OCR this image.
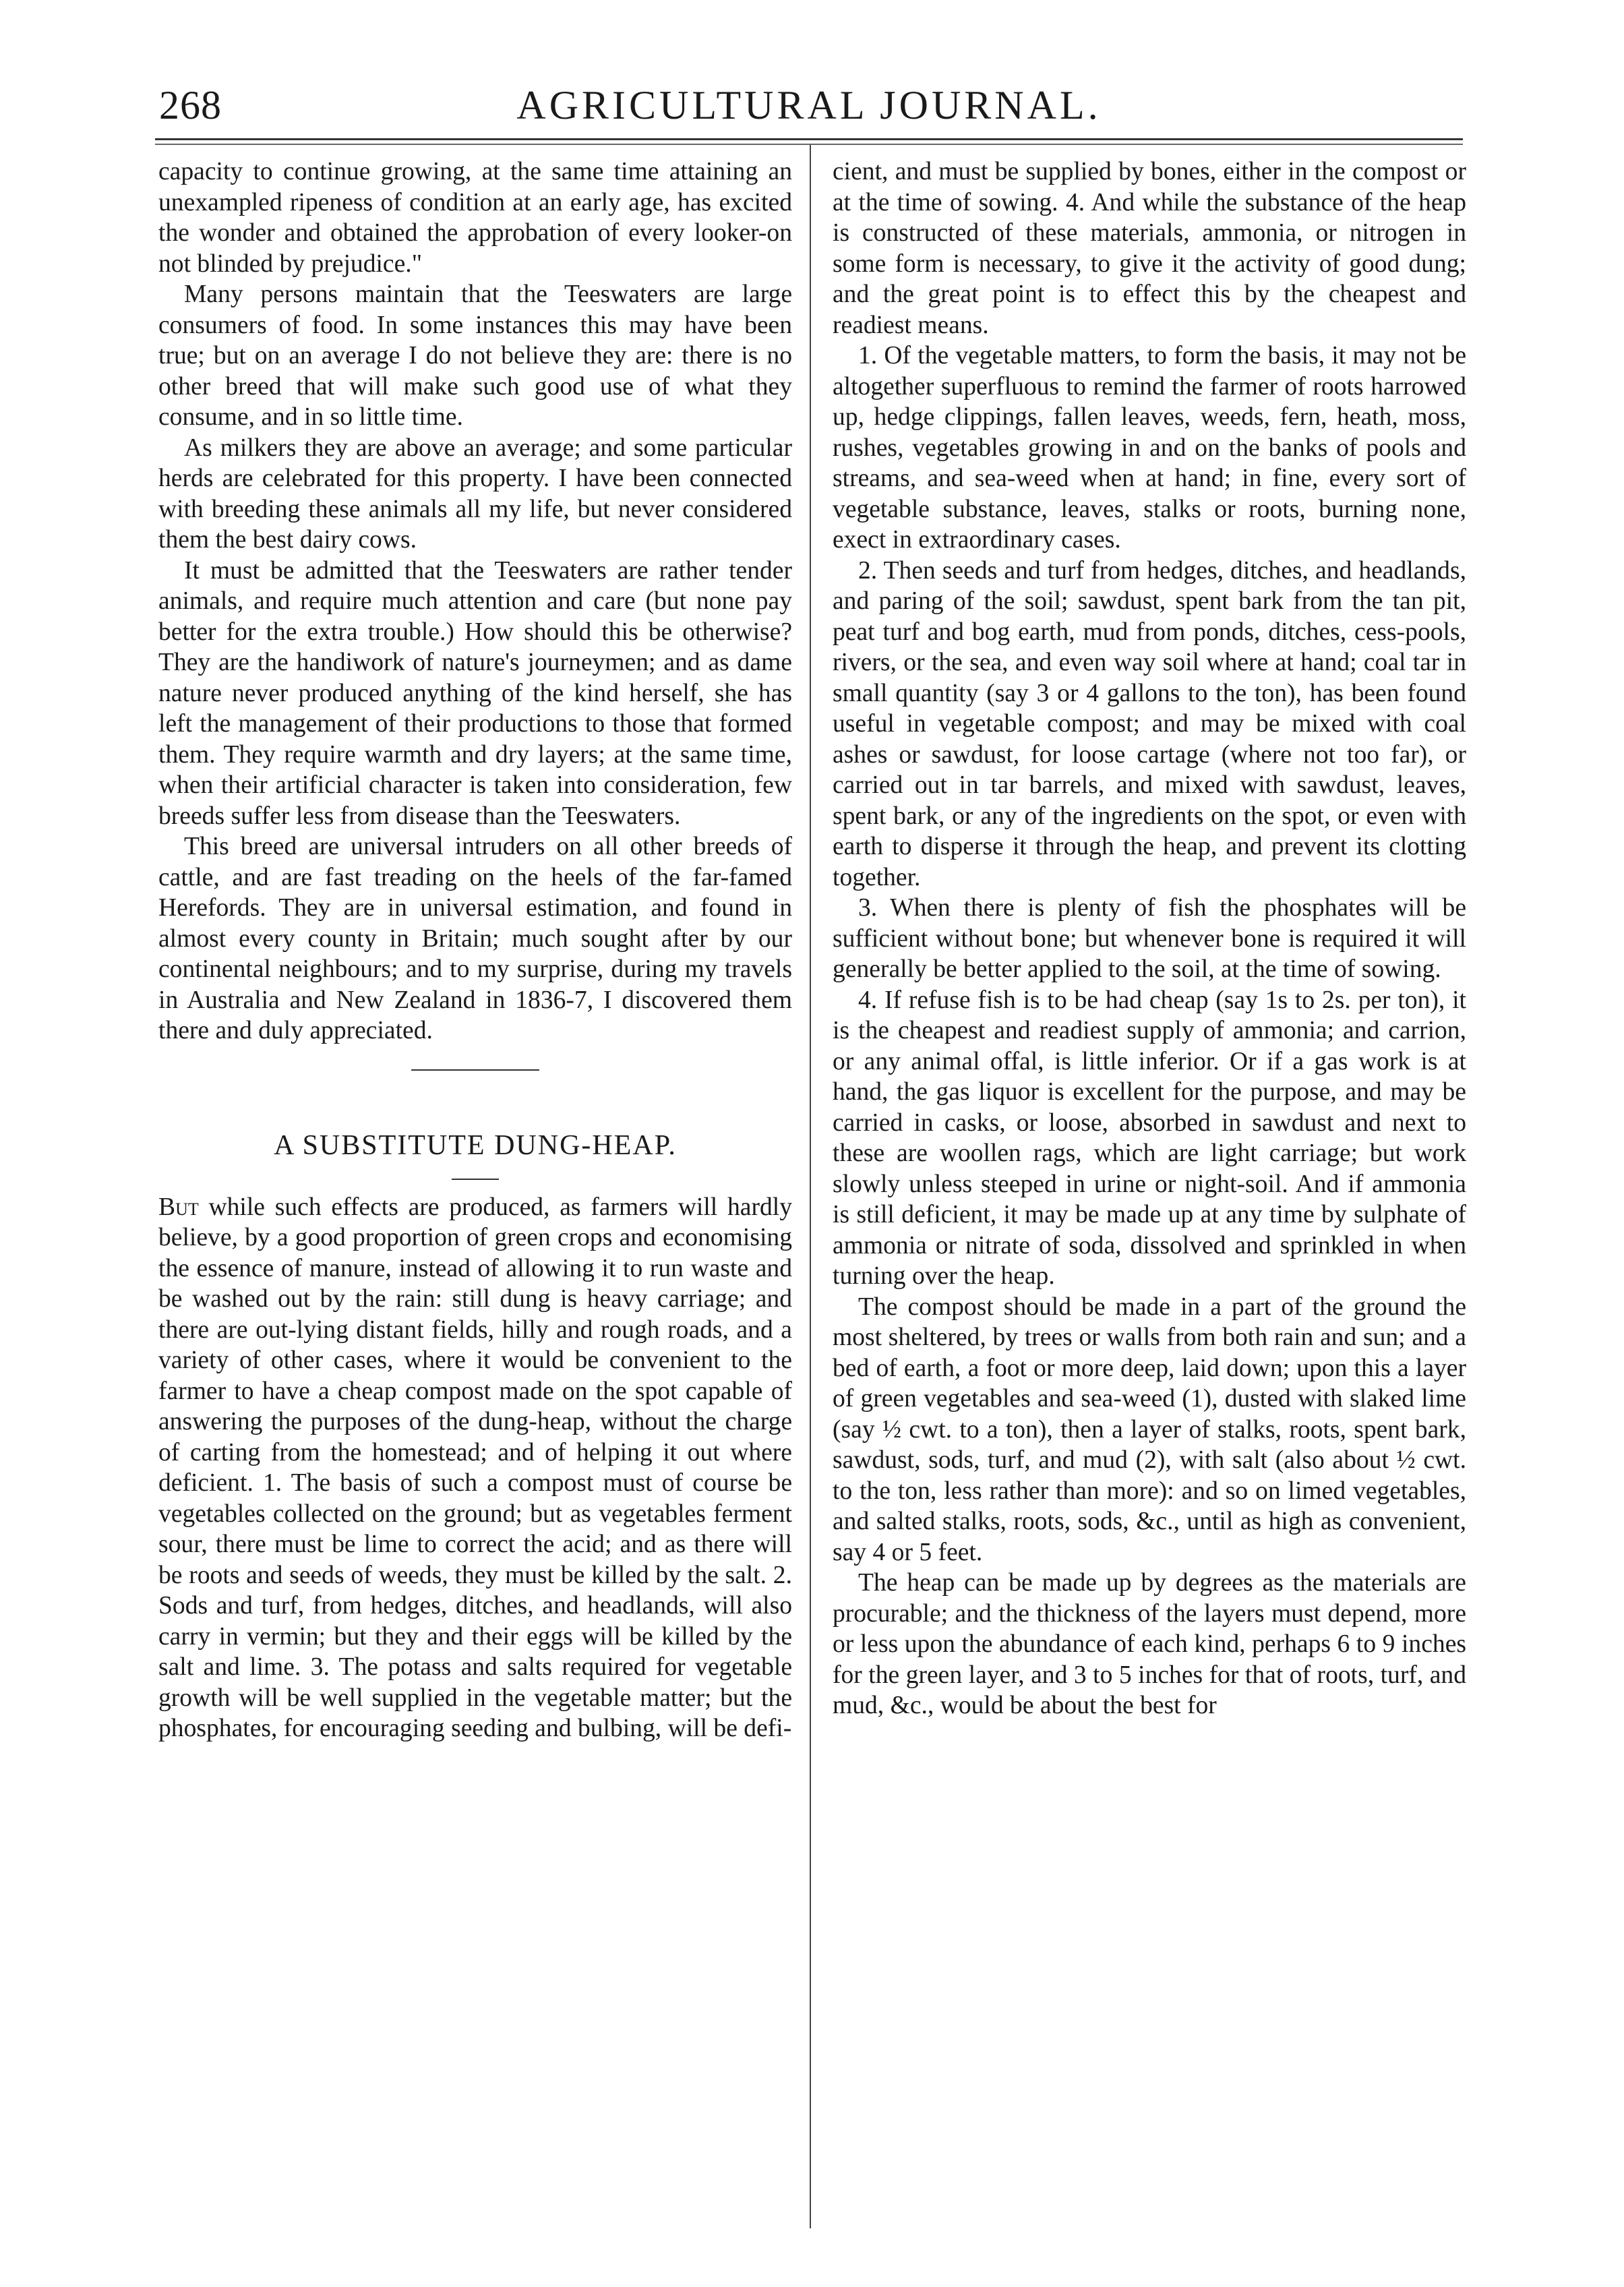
268	AGRICULTURAL JOURNAL.

capacity to continue growing, at the same time attaining an unexampled ripeness of condition at an early age, has excited the wonder and obtained the approbation of every looker-on not blinded by prejudice."

Many persons maintain that the Teeswaters are large consumers of food. In some instances this may have been true; but on an average I do not believe they are: there is no other breed that will make such good use of what they consume, and in so little time.

As milkers they are above an average; and some particular herds are celebrated for this property. I have been connected with breeding these animals all my life, but never considered them the best dairy cows.

It must be admitted that the Teeswaters are rather tender animals, and require much attention and care (but none pay better for the extra trouble.) How should this be otherwise? They are the handiwork of nature's journeymen; and as dame nature never produced anything of the kind herself, she has left the management of their productions to those that formed them. They require warmth and dry layers; at the same time, when their artificial character is taken into consideration, few breeds suffer less from disease than the Teeswaters.

This breed are universal intruders on all other breeds of cattle, and are fast treading on the heels of the far-famed Herefords. They are in universal estimation, and found in almost every county in Britain; much sought after by our continental neighbours; and to my surprise, during my travels in Australia and New Zealand in 1836-7, I discovered them there and duly appreciated.

A SUBSTITUTE DUNG-HEAP.

But while such effects are produced, as farmers will hardly believe, by a good proportion of green crops and economising the essence of manure, instead of allowing it to run waste and be washed out by the rain: still dung is heavy carriage; and there are out-lying distant fields, hilly and rough roads, and a variety of other cases, where it would be convenient to the farmer to have a cheap compost made on the spot capable of answering the purposes of the dung-heap, without the charge of carting from the homestead; and of helping it out where deficient. 1. The basis of such a compost must of course be vegetables collected on the ground; but as vegetables ferment sour, there must be lime to correct the acid; and as there will be roots and seeds of weeds, they must be killed by the salt. 2. Sods and turf, from hedges, ditches, and headlands, will also carry in vermin; but they and their eggs will be killed by the salt and lime. 3. The potass and salts required for vegetable growth will be well supplied in the vegetable matter; but the phosphates, for encouraging seeding and bulbing, will be defi-

cient, and must be supplied by bones, either in the compost or at the time of sowing. 4. And while the substance of the heap is constructed of these materials, ammonia, or nitrogen in some form is necessary, to give it the activity of good dung; and the great point is to effect this by the cheapest and readiest means.

1. Of the vegetable matters, to form the basis, it may not be altogether superfluous to remind the farmer of roots harrowed up, hedge clippings, fallen leaves, weeds, fern, heath, moss, rushes, vegetables growing in and on the banks of pools and streams, and sea-weed when at hand; in fine, every sort of vegetable substance, leaves, stalks or roots, burning none, exect in extraordinary cases.

2. Then seeds and turf from hedges, ditches, and headlands, and paring of the soil; sawdust, spent bark from the tan pit, peat turf and bog earth, mud from ponds, ditches, cess-pools, rivers, or the sea, and even way soil where at hand; coal tar in small quantity (say 3 or 4 gallons to the ton), has been found useful in vegetable compost; and may be mixed with coal ashes or sawdust, for loose cartage (where not too far), or carried out in tar barrels, and mixed with sawdust, leaves, spent bark, or any of the ingredients on the spot, or even with earth to disperse it through the heap, and prevent its clotting together.

3. When there is plenty of fish the phosphates will be sufficient without bone; but whenever bone is required it will generally be better applied to the soil, at the time of sowing.

4. If refuse fish is to be had cheap (say 1s to 2s. per ton), it is the cheapest and readiest supply of ammonia; and carrion, or any animal offal, is little inferior. Or if a gas work is at hand, the gas liquor is excellent for the purpose, and may be carried in casks, or loose, absorbed in sawdust and next to these are woollen rags, which are light carriage; but work slowly unless steeped in urine or night-soil. And if ammonia is still deficient, it may be made up at any time by sulphate of ammonia or nitrate of soda, dissolved and sprinkled in when turning over the heap.

The compost should be made in a part of the ground the most sheltered, by trees or walls from both rain and sun; and a bed of earth, a foot or more deep, laid down; upon this a layer of green vegetables and sea-weed (1), dusted with slaked lime (say ½ cwt. to a ton), then a layer of stalks, roots, spent bark, sawdust, sods, turf, and mud (2), with salt (also about ½ cwt. to the ton, less rather than more): and so on limed vegetables, and salted stalks, roots, sods, &c., until as high as convenient, say 4 or 5 feet.

The heap can be made up by degrees as the materials are procurable; and the thickness of the layers must depend, more or less upon the abundance of each kind, perhaps 6 to 9 inches for the green layer, and 3 to 5 inches for that of roots, turf, and mud, &c., would be about the best for
